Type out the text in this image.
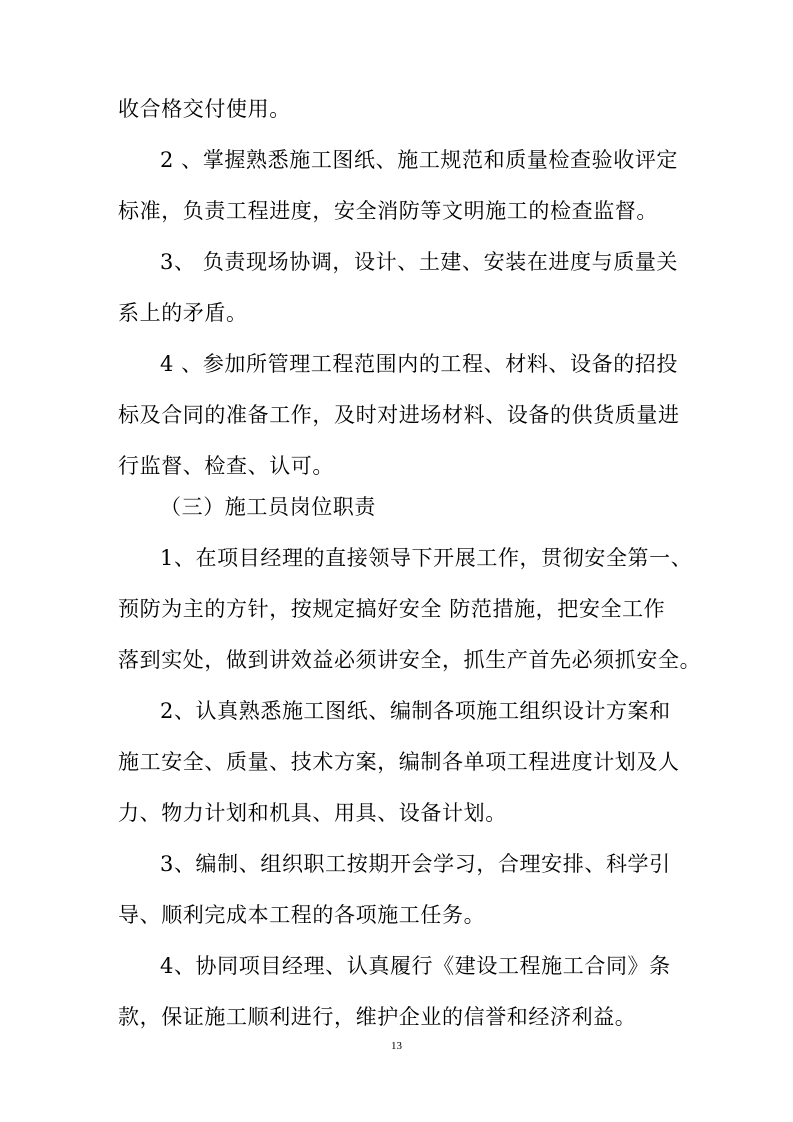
收合格交付使用。
2 、掌握熟悉施工图纸、施工规范和质量检查验收评定
标准，负责工程进度，安全消防等文明施工的检查监督。
3、 负责现场协调，设计、土建、安装在进度与质量关
系上的矛盾。
4 、参加所管理工程范围内的工程、材料、设备的招投
标及合同的准备工作，及时对进场材料、设备的供货质量进
行监督、检查、认可。
（三）施工员岗位职责
1、在项目经理的直接领导下开展工作，贯彻安全第一、
预防为主的方针，按规定搞好安全 防范措施，把安全工作
落到实处，做到讲效益必须讲安全，抓生产首先必须抓安全。
2、认真熟悉施工图纸、编制各项施工组织设计方案和
施工安全、质量、技术方案，编制各单项工程进度计划及人
力、物力计划和机具、用具、设备计划。
3、编制、组织职工按期开会学习，合理安排、科学引
导、顺利完成本工程的各项施工任务。
4、协同项目经理、认真履行《建设工程施工合同》条
款，保证施工顺利进行，维护企业的信誉和经济利益。
13
